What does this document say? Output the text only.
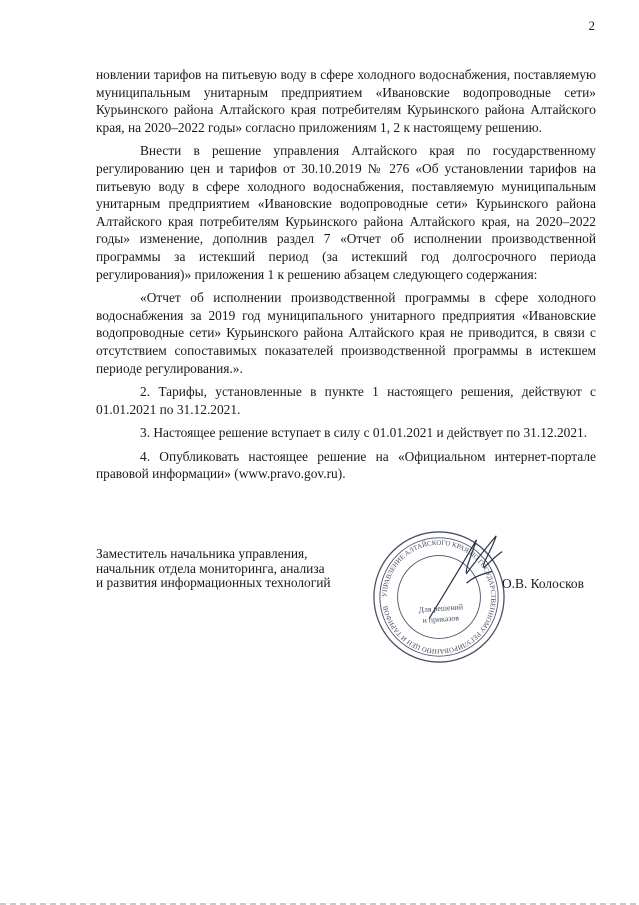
2

новлении тарифов на питьевую воду в сфере холодного водоснабжения, поставляемую муниципальным унитарным предприятием «Ивановские водопроводные сети» Курьинского района Алтайского края потребителям Курьинского района Алтайского края, на 2020–2022 годы» согласно приложениям 1, 2 к настоящему решению.

Внести в решение управления Алтайского края по государственному регулированию цен и тарифов от 30.10.2019 № 276 «Об установлении тарифов на питьевую воду в сфере холодного водоснабжения, поставляемую муниципальным унитарным предприятием «Ивановские водопроводные сети» Курьинского района Алтайского края потребителям Курьинского района Алтайского края, на 2020–2022 годы» изменение, дополнив раздел 7 «Отчет об исполнении производственной программы за истекший период (за истекший год долгосрочного периода регулирования)» приложения 1 к решению абзацем следующего содержания:

«Отчет об исполнении производственной программы в сфере холодного водоснабжения за 2019 год муниципального унитарного предприятия «Ивановские водопроводные сети» Курьинского района Алтайского края не приводится, в связи с отсутствием сопоставимых показателей производственной программы в истекшем периоде регулирования.».

2. Тарифы, установленные в пункте 1 настоящего решения, действуют с 01.01.2021 по 31.12.2021.

3. Настоящее решение вступает в силу с 01.01.2021 и действует по 31.12.2021.

4. Опубликовать настоящее решение на «Официальном интернет-портале правовой информации» (www.pravo.gov.ru).

Заместитель начальника управления,
начальник отдела мониторинга, анализа
и развития информационных технологий
УПРАВЛЕНИЕ АЛТАЙСКОГО КРАЯ ПО ГОСУДАРСТВЕННОМУ РЕГУЛИРОВАНИЮ ЦЕН И ТАРИФОВ	Для решений
и приказов
О.В. Колосков
